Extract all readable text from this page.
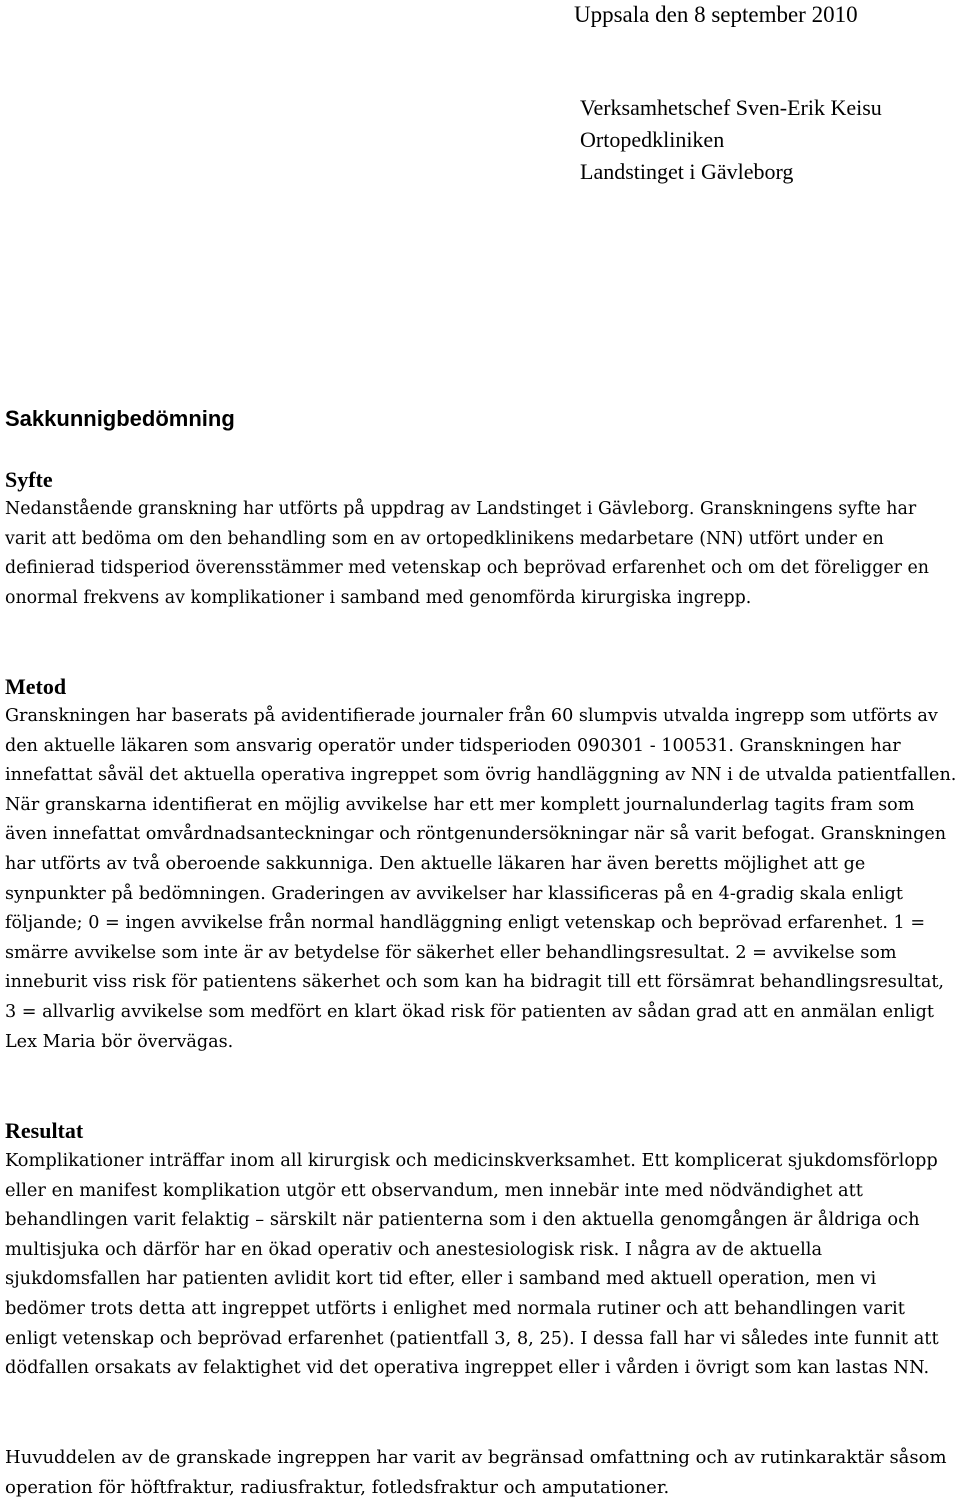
Uppsala den 8 september 2010
Verksamhetschef Sven-Erik Keisu
Ortopedkliniken
Landstinget i Gävleborg
Sakkunnigbedömning
Syfte

Nedanstående granskning har utförts på uppdrag av Landstinget i Gävleborg. Granskningens syfte har varit att bedöma om den behandling som en av ortopedklinikens medarbetare (NN) utfört under en definierad tidsperiod överensstämmer med vetenskap och beprövad erfarenhet och om det föreligger en onormal frekvens av komplikationer i samband med genomförda kirurgiska ingrepp.

Metod

Granskningen har baserats på avidentifierade journaler från 60 slumpvis utvalda ingrepp som utförts av den aktuelle läkaren som ansvarig operatör under tidsperioden 090301 - 100531. Granskningen har innefattat såväl det aktuella operativa ingreppet som övrig handläggning av NN i de utvalda patientfallen. När granskarna identifierat en möjlig avvikelse har ett mer komplett journalunderlag tagits fram som även innefattat omvårdnadsanteckningar och röntgenundersökningar när så varit befogat. Granskningen har utförts av två oberoende sakkunniga. Den aktuelle läkaren har även beretts möjlighet att ge synpunkter på bedömningen. Graderingen av avvikelser har klassificeras på en 4-gradig skala enligt följande; 0 = ingen avvikelse från normal handläggning enligt vetenskap och beprövad erfarenhet. 1 = smärre avvikelse som inte är av betydelse för säkerhet eller behandlingsresultat. 2 = avvikelse som inneburit viss risk för patientens säkerhet och som kan ha bidragit till ett försämrat behandlingsresultat, 3 = allvarlig avvikelse som medfört en klart ökad risk för patienten av sådan grad att en anmälan enligt Lex Maria bör övervägas.

Resultat

Komplikationer inträffar inom all kirurgisk och medicinskverksamhet. Ett komplicerat sjukdomsförlopp eller en manifest komplikation utgör ett observandum, men innebär inte med nödvändighet att behandlingen varit felaktig – särskilt när patienterna som i den aktuella genomgången är åldriga och multisjuka och därför har en ökad operativ och anestesiologisk risk. I några av de aktuella sjukdomsfallen har patienten avlidit kort tid efter, eller i samband med aktuell operation, men vi bedömer trots detta att ingreppet utförts i enlighet med normala rutiner och att behandlingen varit enligt vetenskap och beprövad erfarenhet (patientfall 3, 8, 25). I dessa fall har vi således inte funnit att dödfallen orsakats av felaktighet vid det operativa ingreppet eller i vården i övrigt som kan lastas NN.

Huvuddelen av de granskade ingreppen har varit av begränsad omfattning och av rutinkaraktär såsom operation för höftfraktur, radiusfraktur, fotledsfraktur och amputationer.
